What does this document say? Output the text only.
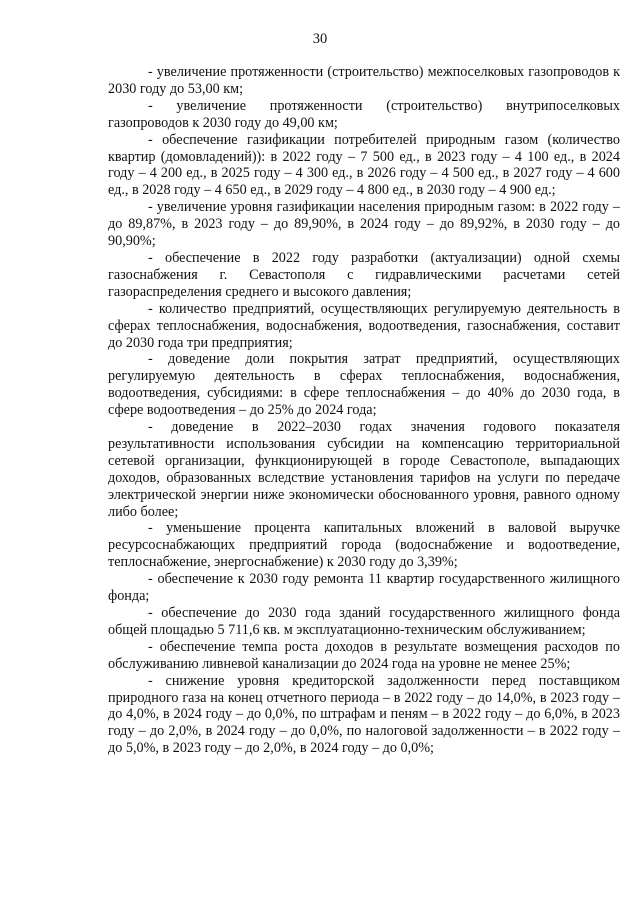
30

- увеличение протяженности (строительство) межпоселковых газопроводов к 2030 году до 53,00 км;

- увеличение протяженности (строительство) внутрипоселковых газопроводов к 2030 году до 49,00 км;

- обеспечение газификации потребителей природным газом (количество квартир (домовладений)): в 2022 году – 7 500 ед., в 2023 году – 4 100 ед., в 2024 году – 4 200 ед., в 2025 году – 4 300 ед., в 2026 году – 4 500 ед., в 2027 году – 4 600 ед., в 2028 году – 4 650 ед., в 2029 году – 4 800 ед., в 2030 году – 4 900 ед.;

- увеличение уровня газификации населения природным газом: в 2022 году – до 89,87%, в 2023 году – до 89,90%, в 2024 году – до 89,92%, в 2030 году – до 90,90%;

- обеспечение в 2022 году разработки (актуализации) одной схемы газоснабжения г. Севастополя с гидравлическими расчетами сетей газораспределения среднего и высокого давления;

- количество предприятий, осуществляющих регулируемую деятельность в сферах теплоснабжения, водоснабжения, водоотведения, газоснабжения, составит до 2030 года три предприятия;

- доведение доли покрытия затрат предприятий, осуществляющих регулируемую деятельность в сферах теплоснабжения, водоснабжения, водоотведения, субсидиями: в сфере теплоснабжения – до 40% до 2030 года, в сфере водоотведения – до 25% до 2024 года;

- доведение в 2022–2030 годах значения годового показателя результативности использования субсидии на компенсацию территориальной сетевой организации, функционирующей в городе Севастополе, выпадающих доходов, образованных вследствие установления тарифов на услуги по передаче электрической энергии ниже экономически обоснованного уровня, равного одному либо более;

- уменьшение процента капитальных вложений в валовой выручке ресурсоснабжающих предприятий города (водоснабжение и водоотведение, теплоснабжение, энергоснабжение) к 2030 году до 3,39%;

- обеспечение к 2030 году ремонта 11 квартир государственного жилищного фонда;

- обеспечение до 2030 года зданий государственного жилищного фонда общей площадью 5 711,6 кв. м эксплуатационно-техническим обслуживанием;

- обеспечение темпа роста доходов в результате возмещения расходов по обслуживанию ливневой канализации до 2024 года на уровне не менее 25%;

- снижение уровня кредиторской задолженности перед поставщиком природного газа на конец отчетного периода – в 2022 году – до 14,0%, в 2023 году – до 4,0%, в 2024 году – до 0,0%, по штрафам и пеням – в 2022 году – до 6,0%, в 2023 году – до 2,0%, в 2024 году – до 0,0%, по налоговой задолженности – в 2022 году – до 5,0%, в 2023 году – до 2,0%, в 2024 году – до 0,0%;
